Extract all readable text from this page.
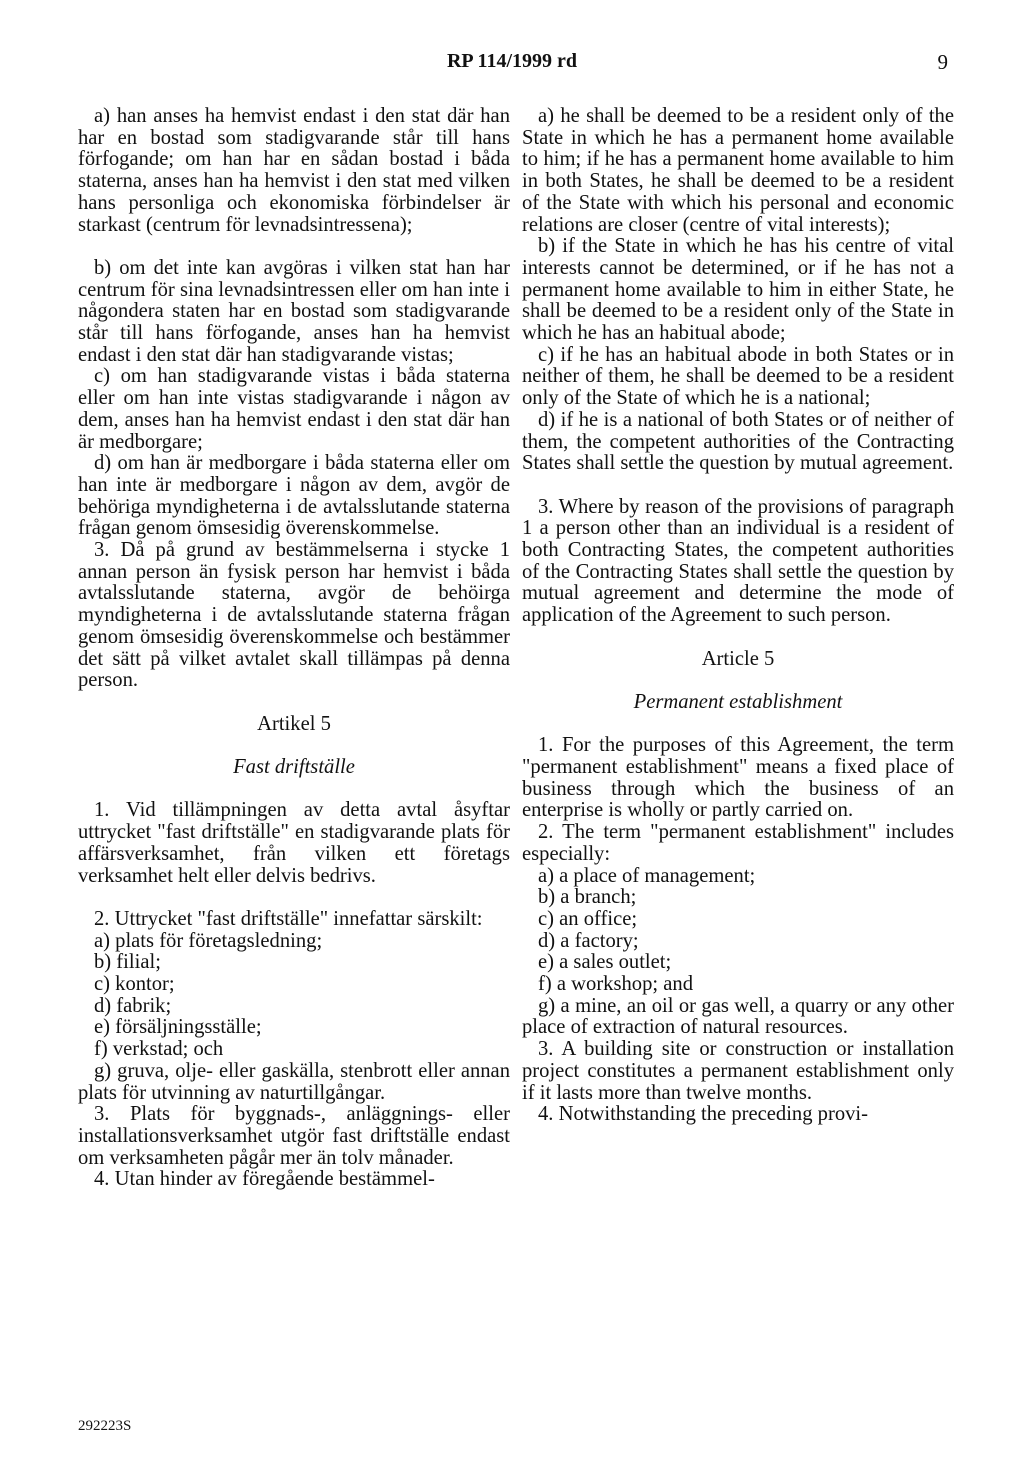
RP 114/1999 rd	9

a) han anses ha hemvist endast i den stat där han har en bostad som stadigvarande står till hans förfogande; om han har en sådan bostad i båda staterna, anses han ha hemvist i den stat med vilken hans personliga och ekonomiska förbindelser är starkast (centrum för levnadsintressena);

b) om det inte kan avgöras i vilken stat han har centrum för sina levnadsintressen eller om han inte i någondera staten har en bostad som stadigvarande står till hans förfogande, anses han ha hemvist endast i den stat där han stadigvarande vistas;

c) om han stadigvarande vistas i båda staterna eller om han inte vistas stadigvarande i någon av dem, anses han ha hemvist endast i den stat där han är medborgare;

d) om han är medborgare i båda staterna eller om han inte är medborgare i någon av dem, avgör de behöriga myndigheterna i de avtalsslutande staterna frågan genom ömsesidig överenskommelse.

3. Då på grund av bestämmelserna i stycke 1 annan person än fysisk person har hemvist i båda avtalsslutande staterna, avgör de behöirga myndigheterna i de avtalsslutande staterna frågan genom ömsesidig överenskommelse och bestämmer det sätt på vilket avtalet skall tillämpas på denna person.

Artikel 5

Fast driftställe

1. Vid tillämpningen av detta avtal åsyftar uttrycket "fast driftställe" en stadigvarande plats för affärsverksamhet, från vilken ett företags verksamhet helt eller delvis bedrivs.

2. Uttrycket "fast driftställe" innefattar särskilt:

a) plats för företagsledning;

b) filial;

c) kontor;

d) fabrik;

e) försäljningsställe;

f) verkstad; och

g) gruva, olje- eller gaskälla, stenbrott eller annan plats för utvinning av naturtillgångar.

3. Plats för byggnads-, anläggnings- eller installationsverksamhet utgör fast driftställe endast om verksamheten pågår mer än tolv månader.

4. Utan hinder av föregående bestämmel-

a) he shall be deemed to be a resident only of the State in which he has a permanent home available to him; if he has a permanent home available to him in both States, he shall be deemed to be a resident of the State with which his personal and economic relations are closer (centre of vital interests);

b) if the State in which he has his centre of vital interests cannot be determined, or if he has not a permanent home available to him in either State, he shall be deemed to be a resident only of the State in which he has an habitual abode;

c) if he has an habitual abode in both States or in neither of them, he shall be deemed to be a resident only of the State of which he is a national;

d) if he is a national of both States or of neither of them, the competent authorities of the Contracting States shall settle the question by mutual agreement.

3. Where by reason of the provisions of paragraph 1 a person other than an individual is a resident of both Contracting States, the competent authorities of the Contracting States shall settle the question by mutual agreement and determine the mode of application of the Agreement to such person.

Article 5

Permanent establishment

1. For the purposes of this Agreement, the term "permanent establishment" means a fixed place of business through which the business of an enterprise is wholly or partly carried on.

2. The term "permanent establishment" includes especially:

a) a place of management;

b) a branch;

c) an office;

d) a factory;

e) a sales outlet;

f) a workshop; and

g) a mine, an oil or gas well, a quarry or any other place of extraction of natural resources.

3. A building site or construction or installation project constitutes a permanent establishment only if it lasts more than twelve months.

4. Notwithstanding the preceding provi-

292223S
